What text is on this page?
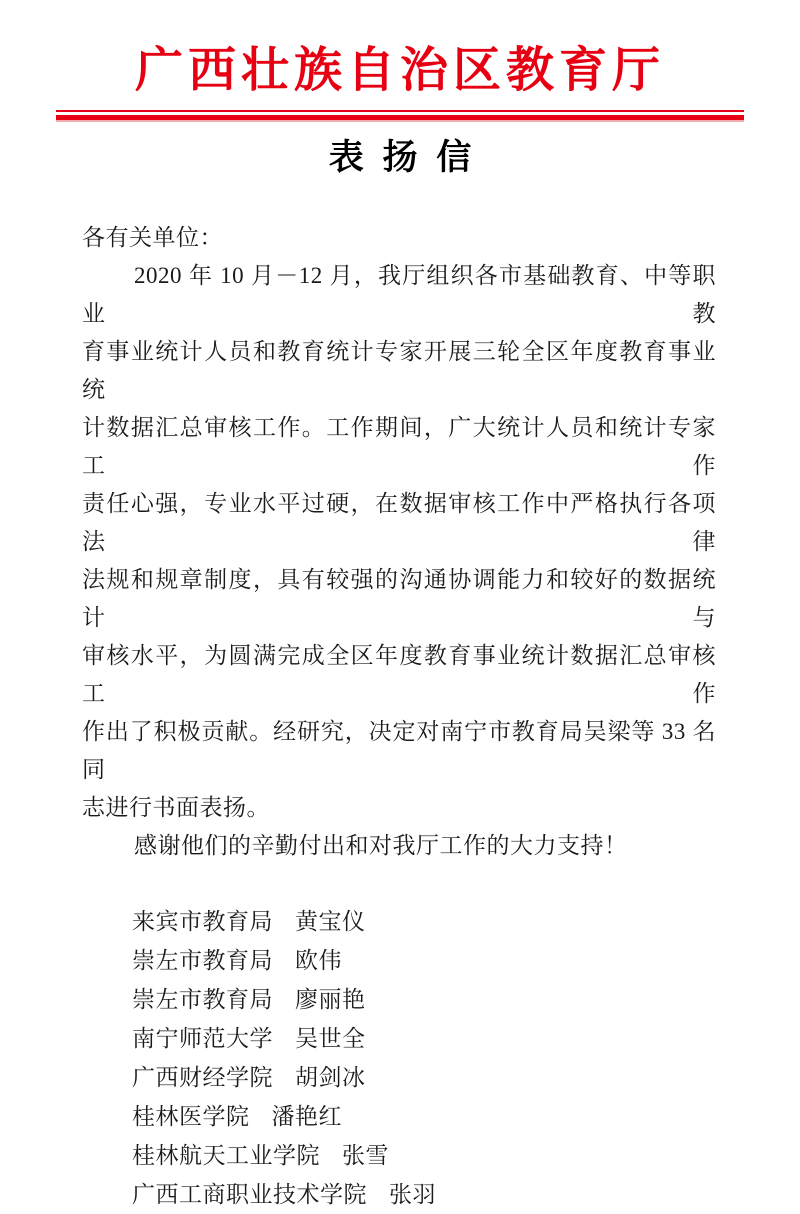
广西壮族自治区教育厅
表 扬 信
各有关单位：
2020 年 10 月－12 月，我厅组织各市基础教育、中等职业教
育事业统计人员和教育统计专家开展三轮全区年度教育事业统
计数据汇总审核工作。工作期间，广大统计人员和统计专家工作
责任心强，专业水平过硬，在数据审核工作中严格执行各项法律
法规和规章制度，具有较强的沟通协调能力和较好的数据统计与
审核水平，为圆满完成全区年度教育事业统计数据汇总审核工作
作出了积极贡献。经研究，决定对南宁市教育局吴梁等 33 名同
志进行书面表扬。
感谢他们的辛勤付出和对我厅工作的大力支持！
来宾市教育局 黄宝仪
崇左市教育局 欧伟
崇左市教育局 廖丽艳
南宁师范大学 吴世全
广西财经学院 胡剑冰
桂林医学院 潘艳红
桂林航天工业学院 张雪
广西工商职业技术学院 张羽
